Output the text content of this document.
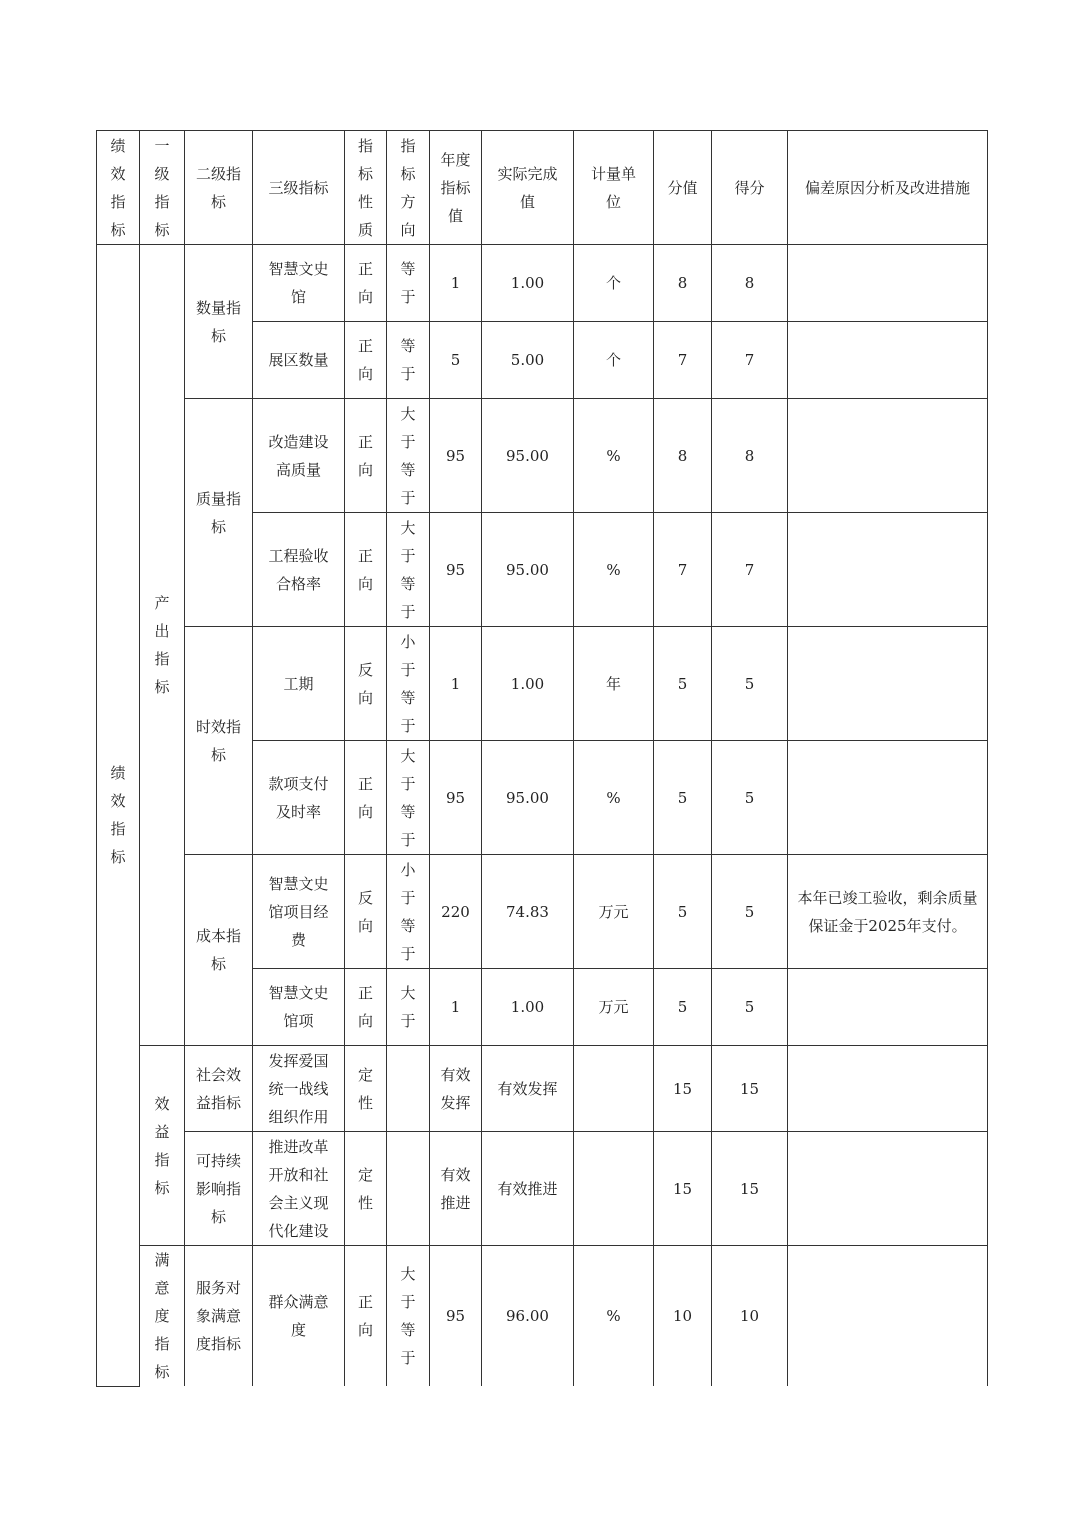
绩效指标	一级指标	二级指标	三级指标	指标性质	指标方向	年度指标值	实际完成值	计量单位	分值	得分	偏差原因分析及改进措施
绩效指标	产出指标	数量指标	智慧文史馆	正向	等于	1	1.00	个	8	8	
			展区数量	正向	等于	5	5.00	个	7	7	
		质量指标	改造建设高质量	正向	大于等于	95	95.00	%	8	8	
			工程验收合格率	正向	大于等于	95	95.00	%	7	7	
		时效指标	工期	反向	小于等于	1	1.00	年	5	5	
			款项支付及时率	正向	大于等于	95	95.00	%	5	5	
		成本指标	智慧文史馆项目经费	反向	小于等于	220	74.83	万元	5	5	本年已竣工验收，剩余质量保证金于2025年支付。
			智慧文史馆项	正向	大于	1	1.00	万元	5	5	
	效益指标	社会效益指标	发挥爱国统一战线组织作用	定性		有效发挥	有效发挥		15	15	
		可持续影响指标	推进改革开放和社会主义现代化建设	定性		有效推进	有效推进		15	15	
	满意度指标	服务对象满意度指标	群众满意度	正向	大于等于	95	96.00	%	10	10	
